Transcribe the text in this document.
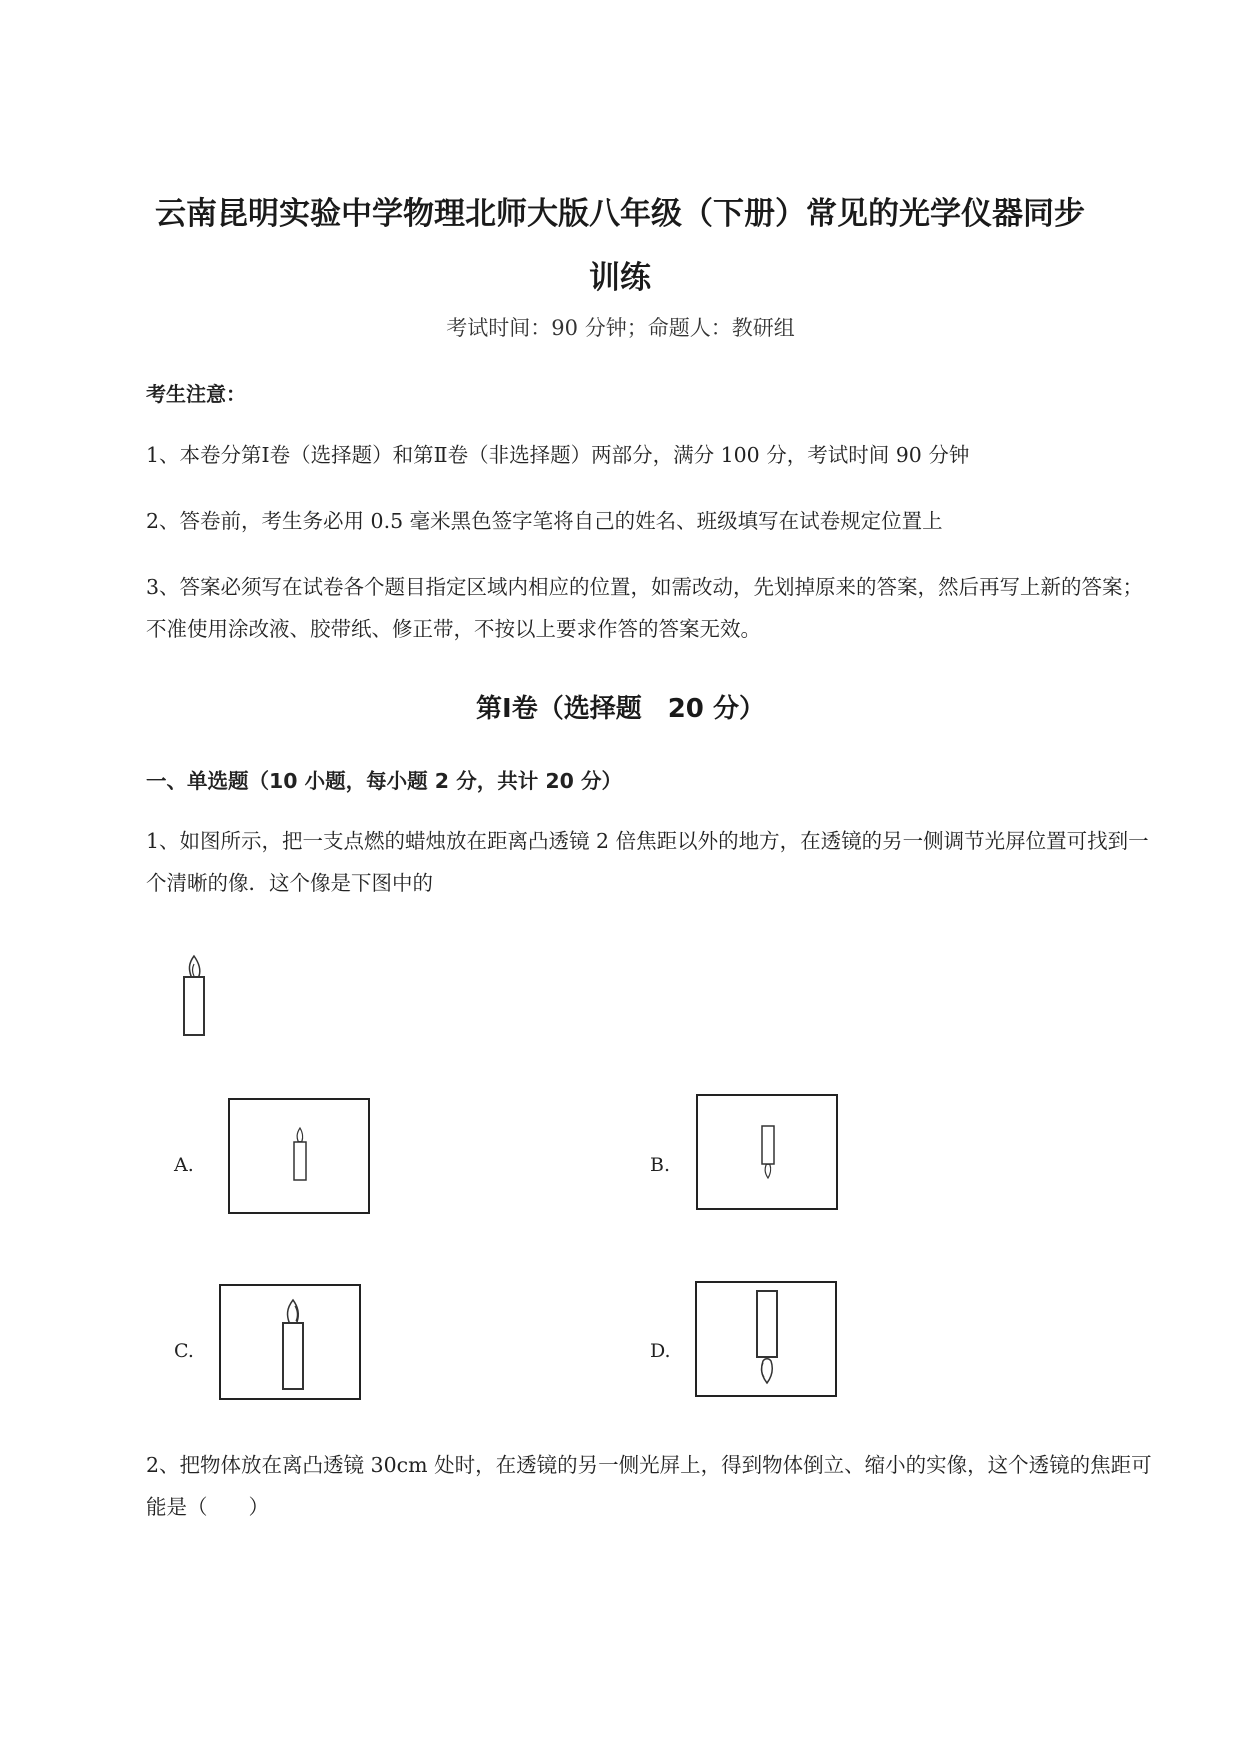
云南昆明实验中学物理北师大版八年级（下册）常见的光学仪器同步
训练
考试时间：90 分钟；命题人：教研组
考生注意：
1、本卷分第Ⅰ卷（选择题）和第Ⅱ卷（非选择题）两部分，满分 100 分，考试时间 90 分钟
2、答卷前，考生务必用 0.5 毫米黑色签字笔将自己的姓名、班级填写在试卷规定位置上
3、答案必须写在试卷各个题目指定区域内相应的位置，如需改动，先划掉原来的答案，然后再写上新的答案；不准使用涂改液、胶带纸、修正带，不按以上要求作答的答案无效。
第Ⅰ卷（选择题　20 分）
一、单选题（10 小题，每小题 2 分，共计 20 分）
1、如图所示，把一支点燃的蜡烛放在距离凸透镜 2 倍焦距以外的地方，在透镜的另一侧调节光屏位置可找到一个清晰的像．这个像是下图中的
A.	B.
C.	D.
2、把物体放在离凸透镜 30cm 处时，在透镜的另一侧光屏上，得到物体倒立、缩小的实像，这个透镜的焦距可能是（　　）
